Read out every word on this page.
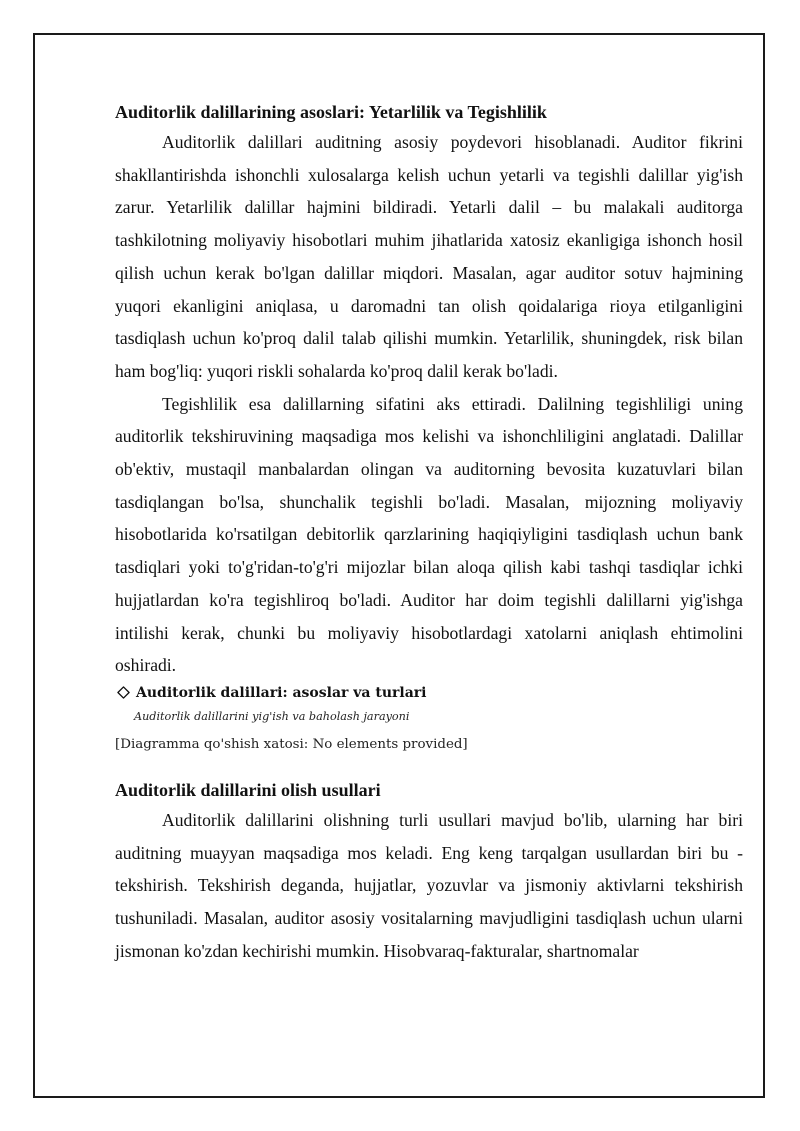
Auditorlik dalillarining asoslari: Yetarlilik va Tegishlilik

Auditorlik dalillari auditning asosiy poydevori hisoblanadi. Auditor fikrini shakllantirishda ishonchli xulosalarga kelish uchun yetarli va tegishli dalillar yig'ish zarur. Yetarlilik dalillar hajmini bildiradi. Yetarli dalil – bu malakali auditorga tashkilotning moliyaviy hisobotlari muhim jihatlarida xatosiz ekanligiga ishonch hosil qilish uchun kerak bo'lgan dalillar miqdori. Masalan, agar auditor sotuv hajmining yuqori ekanligini aniqlasa, u daromadni tan olish qoidalariga rioya etilganligini tasdiqlash uchun ko'proq dalil talab qilishi mumkin. Yetarlilik, shuningdek, risk bilan ham bog'liq: yuqori riskli sohalarda ko'proq dalil kerak bo'ladi.

Tegishlilik esa dalillarning sifatini aks ettiradi. Dalilning tegishliligi uning auditorlik tekshiruvining maqsadiga mos kelishi va ishonchliligini anglatadi. Dalillar ob'ektiv, mustaqil manbalardan olingan va auditorning bevosita kuzatuvlari bilan tasdiqlangan bo'lsa, shunchalik tegishli bo'ladi. Masalan, mijozning moliyaviy hisobotlarida ko'rsatilgan debitorlik qarzlarining haqiqiyligini tasdiqlash uchun bank tasdiqlari yoki to'g'ridan-to'g'ri mijozlar bilan aloqa qilish kabi tashqi tasdiqlar ichki hujjatlardan ko'ra tegishliroq bo'ladi. Auditor har doim tegishli dalillarni yig'ishga intilishi kerak, chunki bu moliyaviy hisobotlardagi xatolarni aniqlash ehtimolini oshiradi.

Auditorlik dalillari: asoslar va turlari
Auditorlik dalillarini yig'ish va baholash jarayoni
[Diagramma qo'shish xatosi: No elements provided]
Auditorlik dalillarini olish usullari

Auditorlik dalillarini olishning turli usullari mavjud bo'lib, ularning har biri auditning muayyan maqsadiga mos keladi. Eng keng tarqalgan usullardan biri bu - tekshirish. Tekshirish deganda, hujjatlar, yozuvlar va jismoniy aktivlarni tekshirish tushuniladi. Masalan, auditor asosiy vositalarning mavjudligini tasdiqlash uchun ularni jismonan ko'zdan kechirishi mumkin. Hisobvaraq-fakturalar, shartnomalar
